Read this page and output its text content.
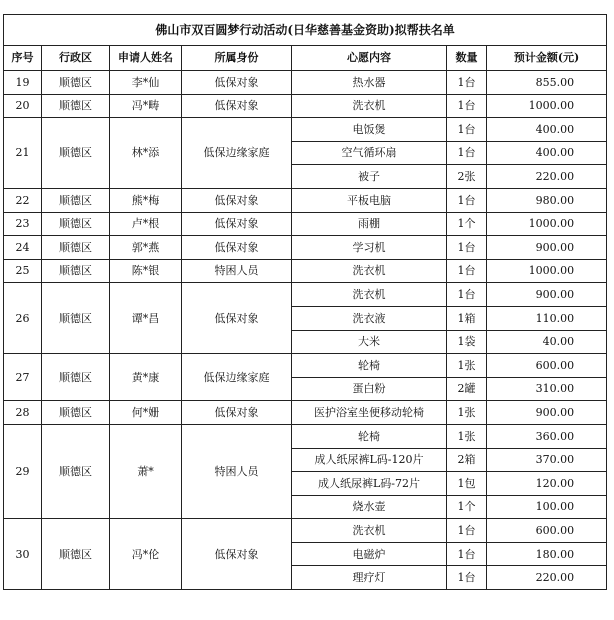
佛山市双百圆梦行动活动(日华慈善基金资助)拟帮扶名单						
序号	行政区	申请人姓名	所属身份	心愿内容	数量	预计金额(元)
19	顺德区	李*仙	低保对象	热水器	1台	855.00
20	顺德区	冯*畴	低保对象	洗衣机	1台	1000.00
21	顺德区	林*添	低保边缘家庭	电饭煲	1台	400.00
				空气循环扇	1台	400.00
				被子	2张	220.00
22	顺德区	熊*梅	低保对象	平板电脑	1台	980.00
23	顺德区	卢*根	低保对象	雨棚	1个	1000.00
24	顺德区	郭*燕	低保对象	学习机	1台	900.00
25	顺德区	陈*银	特困人员	洗衣机	1台	1000.00
26	顺德区	谭*昌	低保对象	洗衣机	1台	900.00
				洗衣液	1箱	110.00
				大米	1袋	40.00
27	顺德区	黄*康	低保边缘家庭	轮椅	1张	600.00
				蛋白粉	2罐	310.00
28	顺德区	何*姗	低保对象	医护浴室坐便移动轮椅	1张	900.00
29	顺德区	萧*	特困人员	轮椅	1张	360.00
				成人纸尿裤L码-120片	2箱	370.00
				成人纸尿裤L码-72片	1包	120.00
				烧水壶	1个	100.00
30	顺德区	冯*伦	低保对象	洗衣机	1台	600.00
				电磁炉	1台	180.00
				理疗灯	1台	220.00
